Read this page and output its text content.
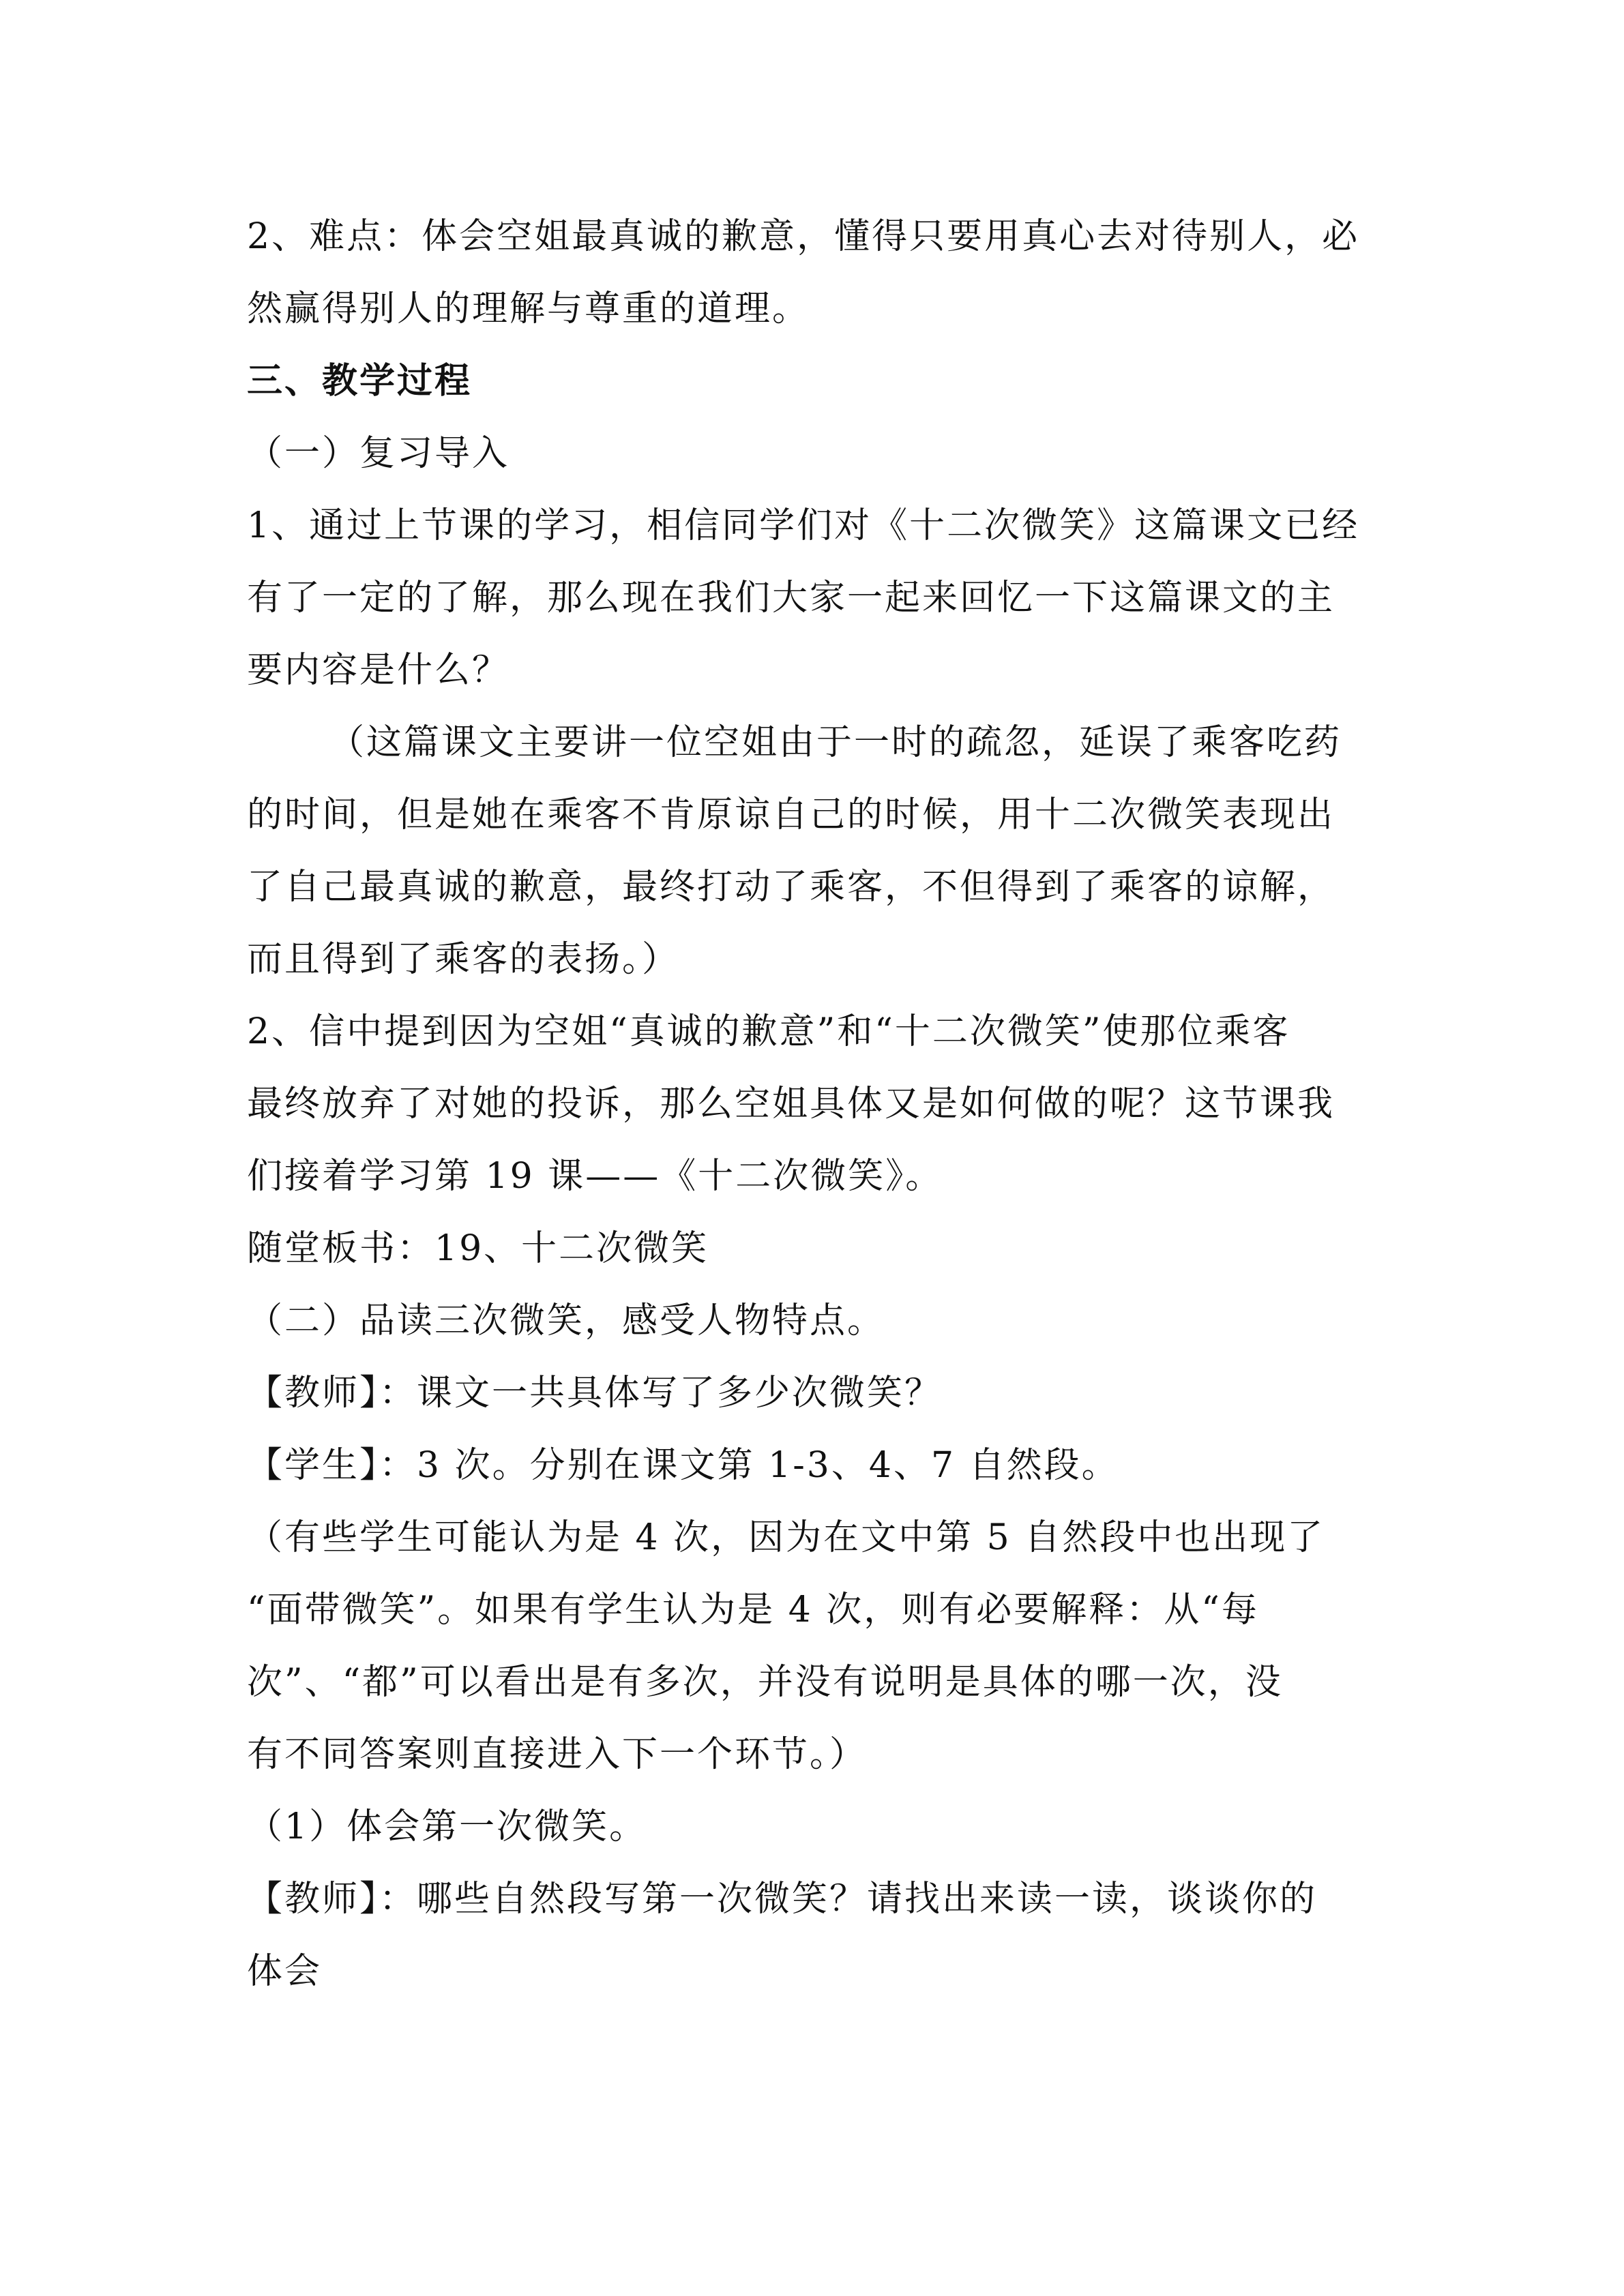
2、难点：体会空姐最真诚的歉意，懂得只要用真心去对待别人，必
然赢得别人的理解与尊重的道理。
三、教学过程
（一）复习导入
1、通过上节课的学习，相信同学们对《十二次微笑》这篇课文已经
有了一定的了解，那么现在我们大家一起来回忆一下这篇课文的主
要内容是什么？
（这篇课文主要讲一位空姐由于一时的疏忽，延误了乘客吃药
的时间，但是她在乘客不肯原谅自己的时候，用十二次微笑表现出
了自己最真诚的歉意，最终打动了乘客，不但得到了乘客的谅解，
而且得到了乘客的表扬。）
2、信中提到因为空姐“真诚的歉意”和“十二次微笑”使那位乘客
最终放弃了对她的投诉，那么空姐具体又是如何做的呢？这节课我
们接着学习第 19 课——《十二次微笑》。
随堂板书：19、十二次微笑
（二）品读三次微笑，感受人物特点。
【教师】：课文一共具体写了多少次微笑？
【学生】：3 次。分别在课文第 1-3、4、7 自然段。
（有些学生可能认为是 4 次，因为在文中第 5 自然段中也出现了
“面带微笑”。如果有学生认为是 4 次，则有必要解释：从“每
次”、“都”可以看出是有多次，并没有说明是具体的哪一次，没
有不同答案则直接进入下一个环节。）
（1）体会第一次微笑。
【教师】：哪些自然段写第一次微笑？请找出来读一读，谈谈你的
体会
